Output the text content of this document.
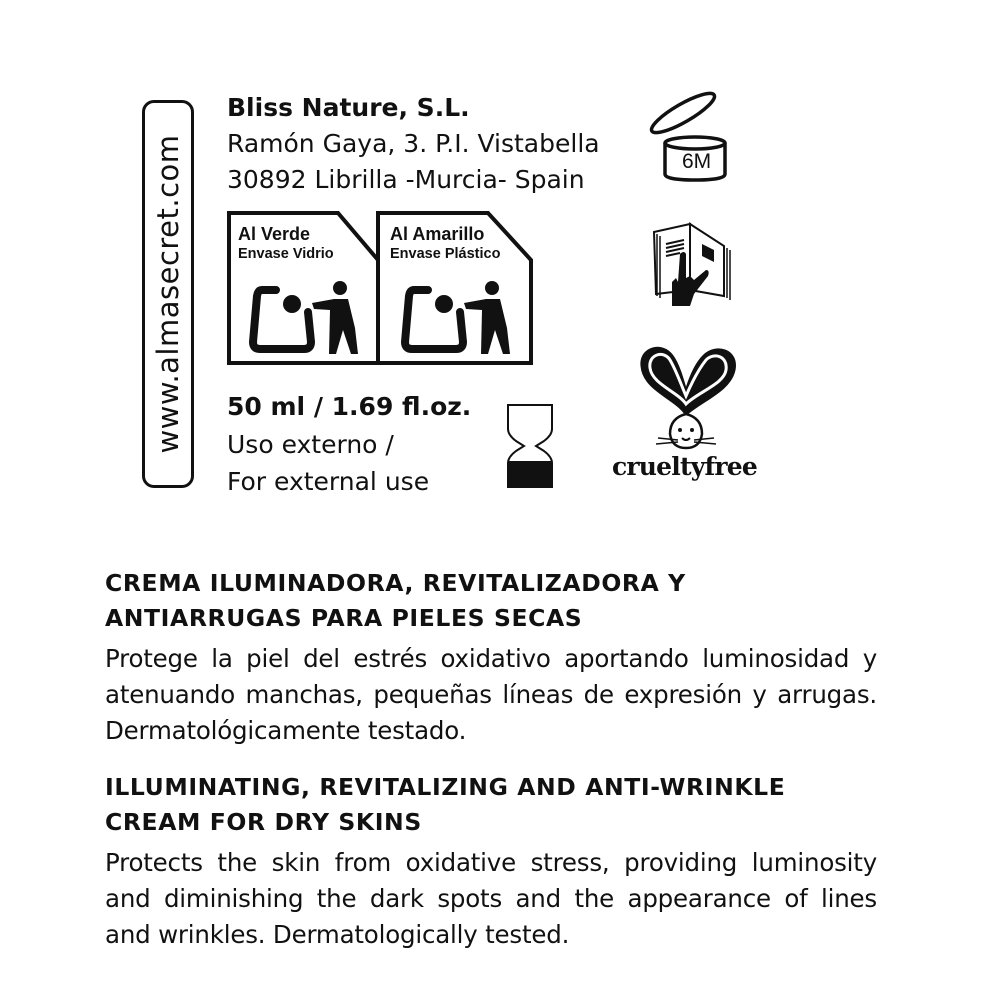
www.almasecret.com
Bliss Nature, S.L.
Ramón Gaya, 3. P.I. Vistabella
30892 Librilla -Murcia- Spain
Al Verde
Envase Vidrio
Al Amarillo
Envase Plástico
50 ml / 1.69 fl.oz.
Uso externo /
For external use
6M
crueltyfree
CREMA ILUMINADORA, REVITALIZADORA Y
ANTIARRUGAS PARA PIELES SECAS
Protege la piel del estrés oxidativo aportando luminosidad y atenuando manchas, pequeñas líneas de expresión y arrugas. Dermatológicamente testado.
ILLUMINATING, REVITALIZING AND ANTI-WRINKLE
CREAM FOR DRY SKINS
Protects the skin from oxidative stress, providing luminosity and diminishing the dark spots and the appearance of lines and wrinkles. Dermatologically tested.
